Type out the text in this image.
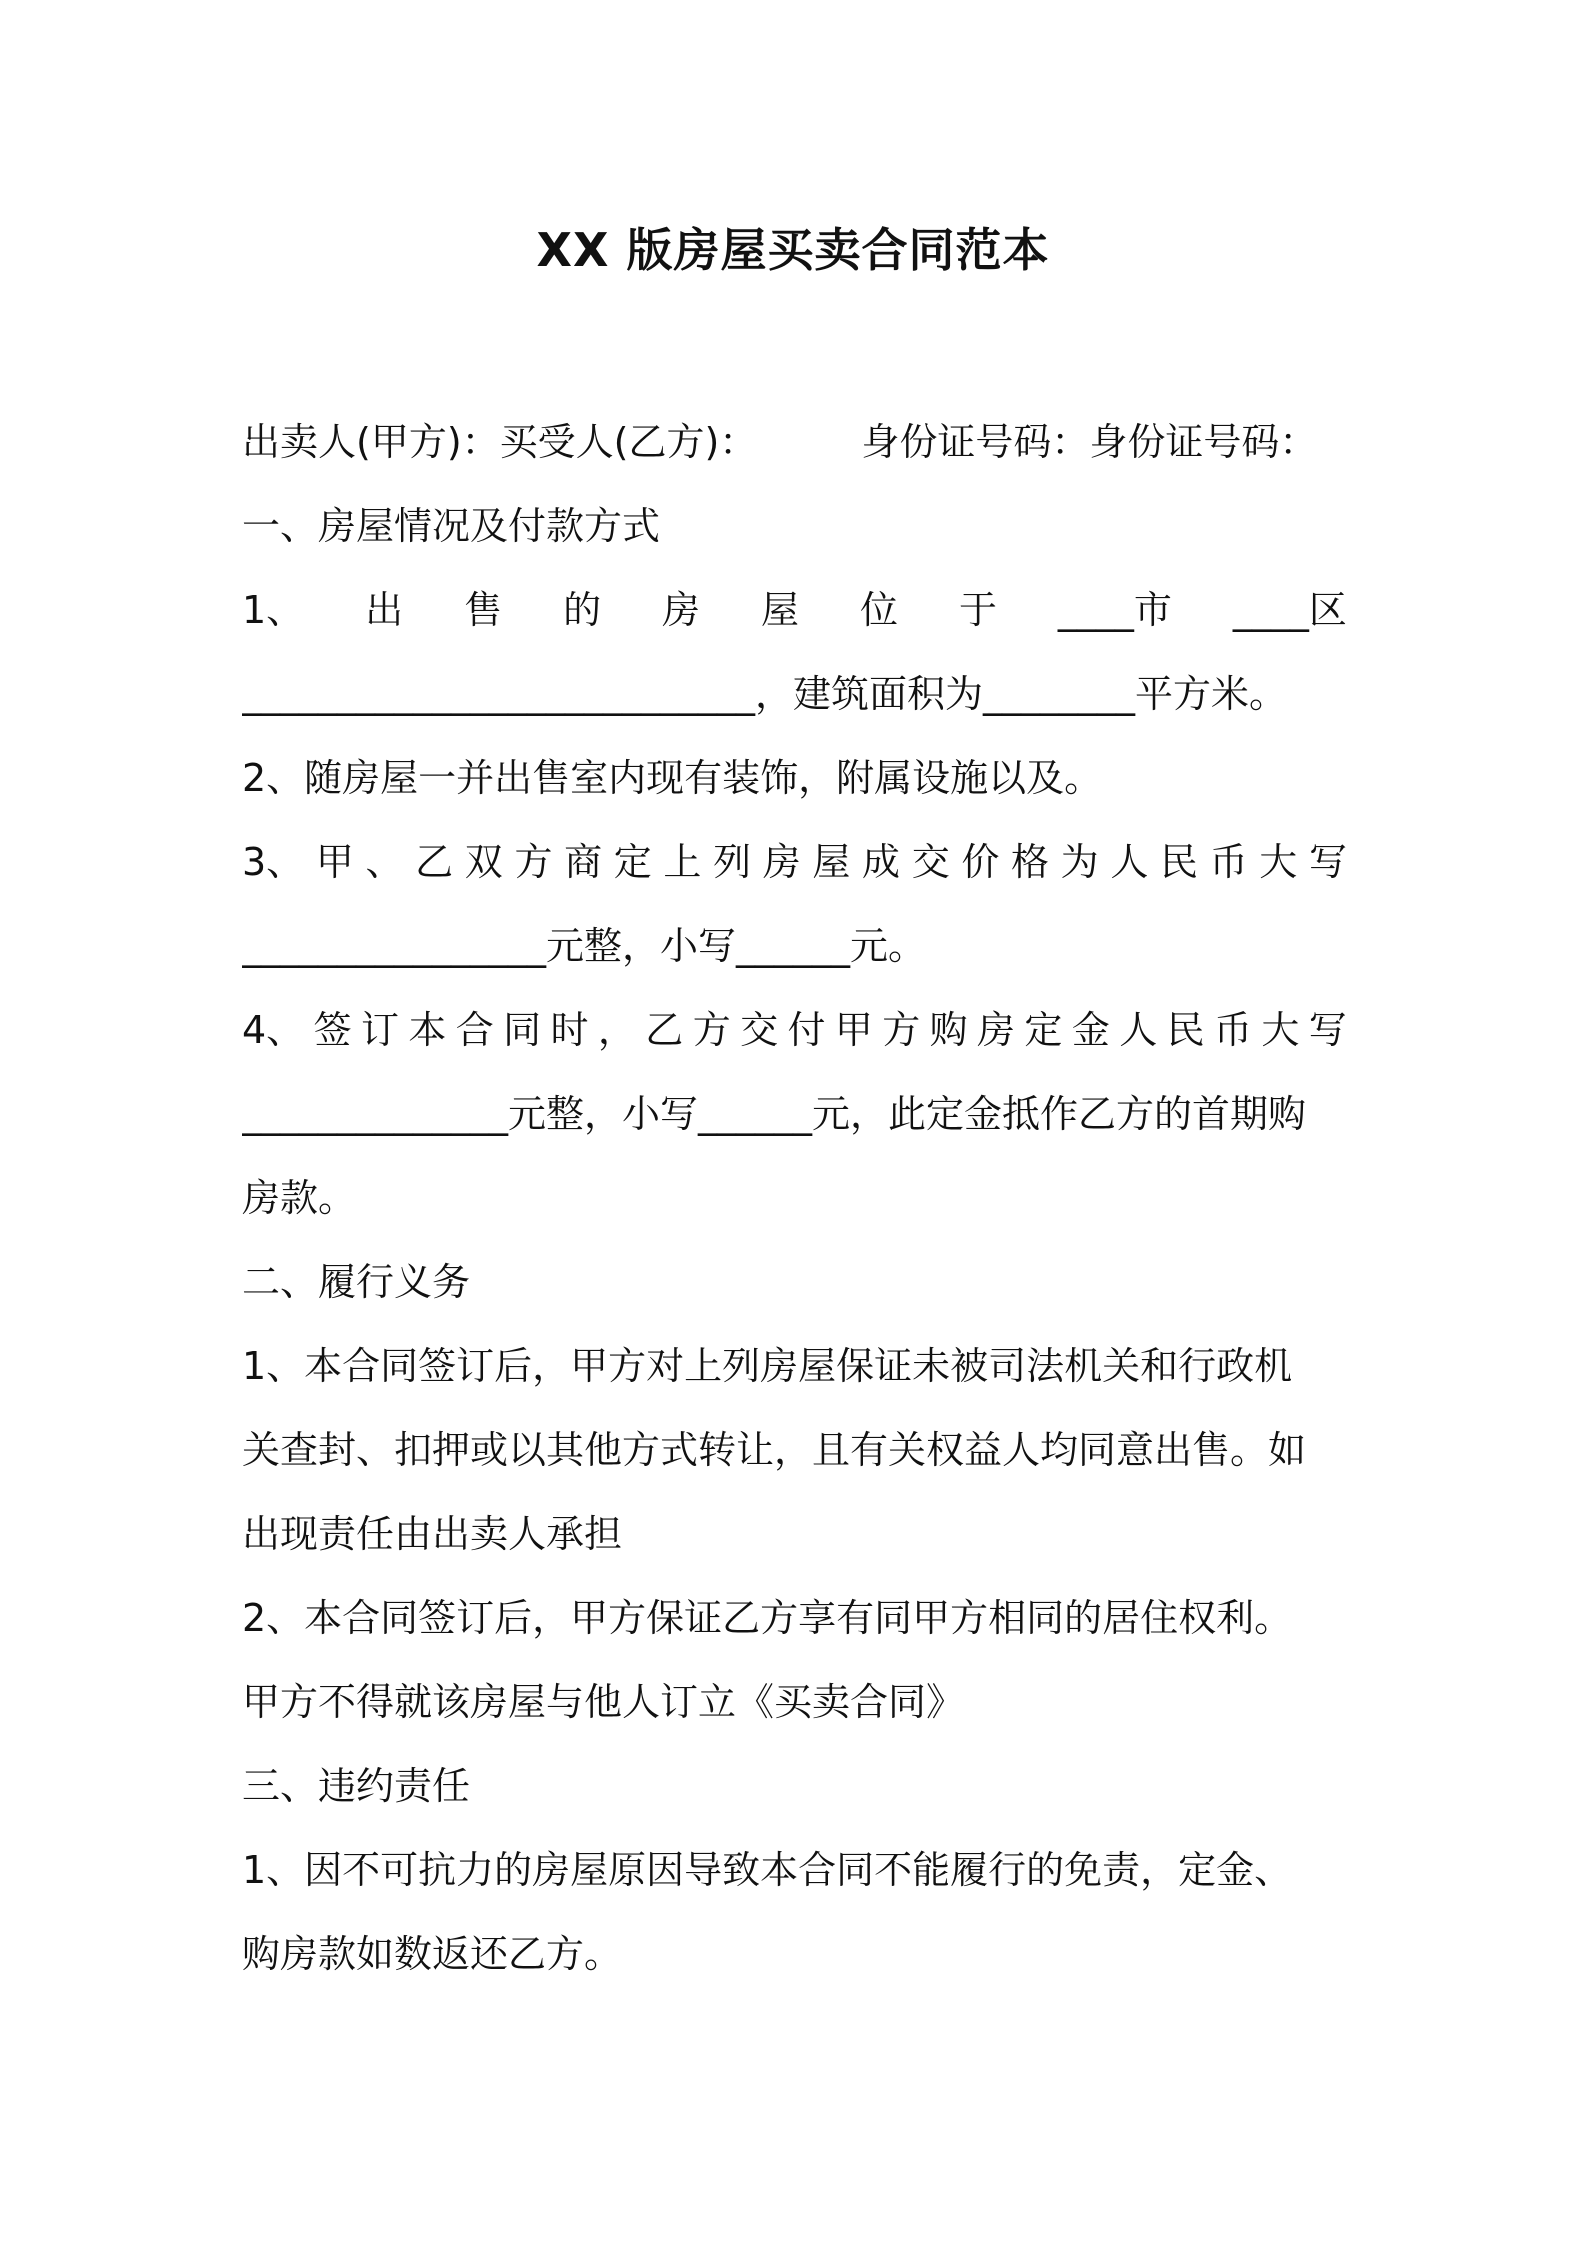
XX 版房屋买卖合同范本
出卖人(甲方)：买受人(乙方)：	身份证号码：身份证号码：
一、房屋情况及付款方式
1、 出 售 的 房 屋 位 于 ____市 ____区
___________________________，建筑面积为________平方米。
2、随房屋一并出售室内现有装饰，附属设施以及。
3、 甲 、 乙 双 方 商 定 上 列 房 屋 成 交 价 格 为 人 民 币 大 写
________________元整，小写______元。
4、 签 订 本 合 同 时 ， 乙 方 交 付 甲 方 购 房 定 金 人 民 币 大 写
______________元整，小写______元，此定金抵作乙方的首期购
房款。
二、履行义务
1、本合同签订后，甲方对上列房屋保证未被司法机关和行政机
关查封、扣押或以其他方式转让，且有关权益人均同意出售。如
出现责任由出卖人承担
2、本合同签订后，甲方保证乙方享有同甲方相同的居住权利。
甲方不得就该房屋与他人订立《买卖合同》
三、违约责任
1、因不可抗力的房屋原因导致本合同不能履行的免责，定金、
购房款如数返还乙方。
